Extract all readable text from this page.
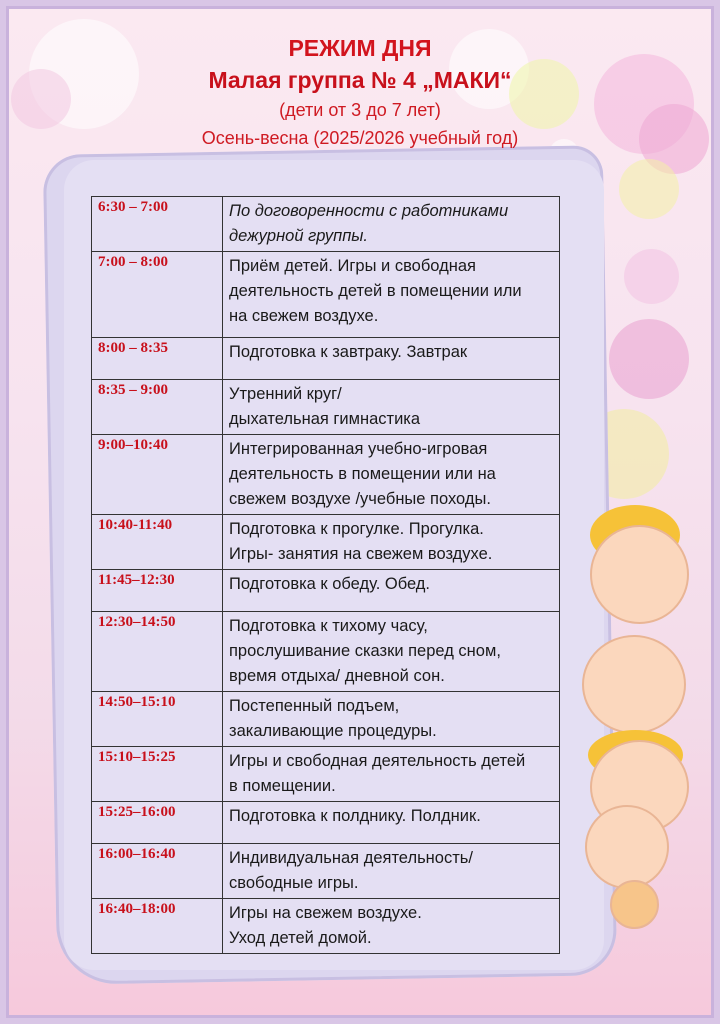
РЕЖИМ ДНЯ
Малая группа № 4 „МАКИ“
(дети от 3 до 7 лет)
Осень-весна (2025/2026 учебный год)
6:30 – 7:00	По договоренности с работниками
дежурной группы.

7:00 – 8:00	Приём детей. Игры и свободная
деятельность детей в помещении или
на свежем воздухе.

8:00 – 8:35	Подготовка к завтраку. Завтрак

8:35 – 9:00	Утренний круг/
дыхательная гимнастика

9:00–10:40	Интегрированная учебно-игровая
деятельность в помещении или на
свежем воздухе /учебные походы.

10:40-11:40	Подготовка к прогулке. Прогулка.
Игры- занятия на свежем воздухе.

11:45–12:30	Подготовка к обеду. Обед.

12:30–14:50	Подготовка к тихому часу,
прослушивание сказки перед сном,
время отдыха/ дневной сон.

14:50–15:10	Постепенный подъем,
закаливающие процедуры.

15:10–15:25	Игры и свободная деятельность детей
в помещении.

15:25–16:00	Подготовка к полднику. Полдник.

16:00–16:40	Индивидуальная деятельность/
свободные игры.

16:40–18:00	Игры на свежем воздухе.
Уход детей домой.
